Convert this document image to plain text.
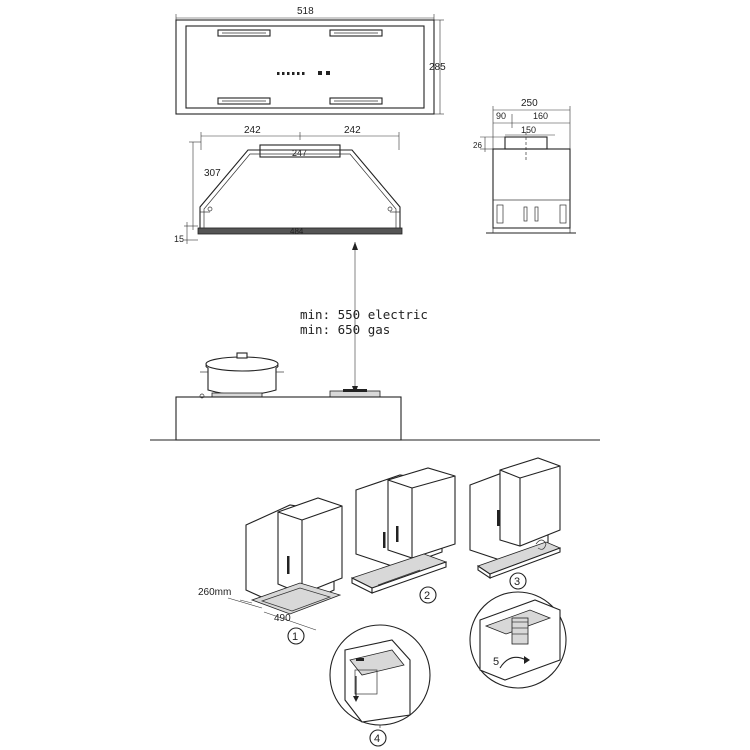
518
285
242	242
247
484
307
15
250
90	160
150
26
min: 550 electric
min: 650 gas
260mm
490
1
2
3
4
5
